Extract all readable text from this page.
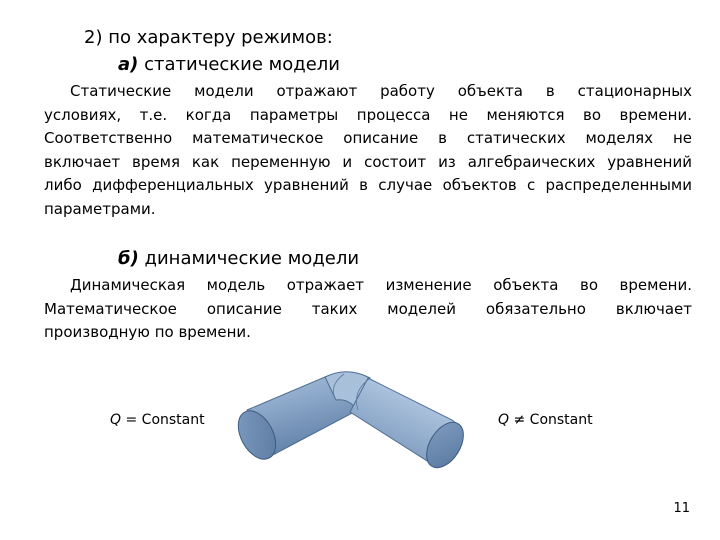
2) по характеру режимов:
а) статические модели
Статические модели отражают работу объекта в стационарных
условиях, т.е. когда параметры процесса не меняются во времени.
Соответственно математическое описание в статических моделях не
включает время как переменную и состоит из алгебраических уравнений
либо дифференциальных уравнений в случае объектов с распределенными
параметрами.
б) динамические модели
Динамическая модель отражает изменение объекта во времени.
Математическое описание таких моделей обязательно включает
производную по времени.
Q = Constant	Q ≠ Constant
11
